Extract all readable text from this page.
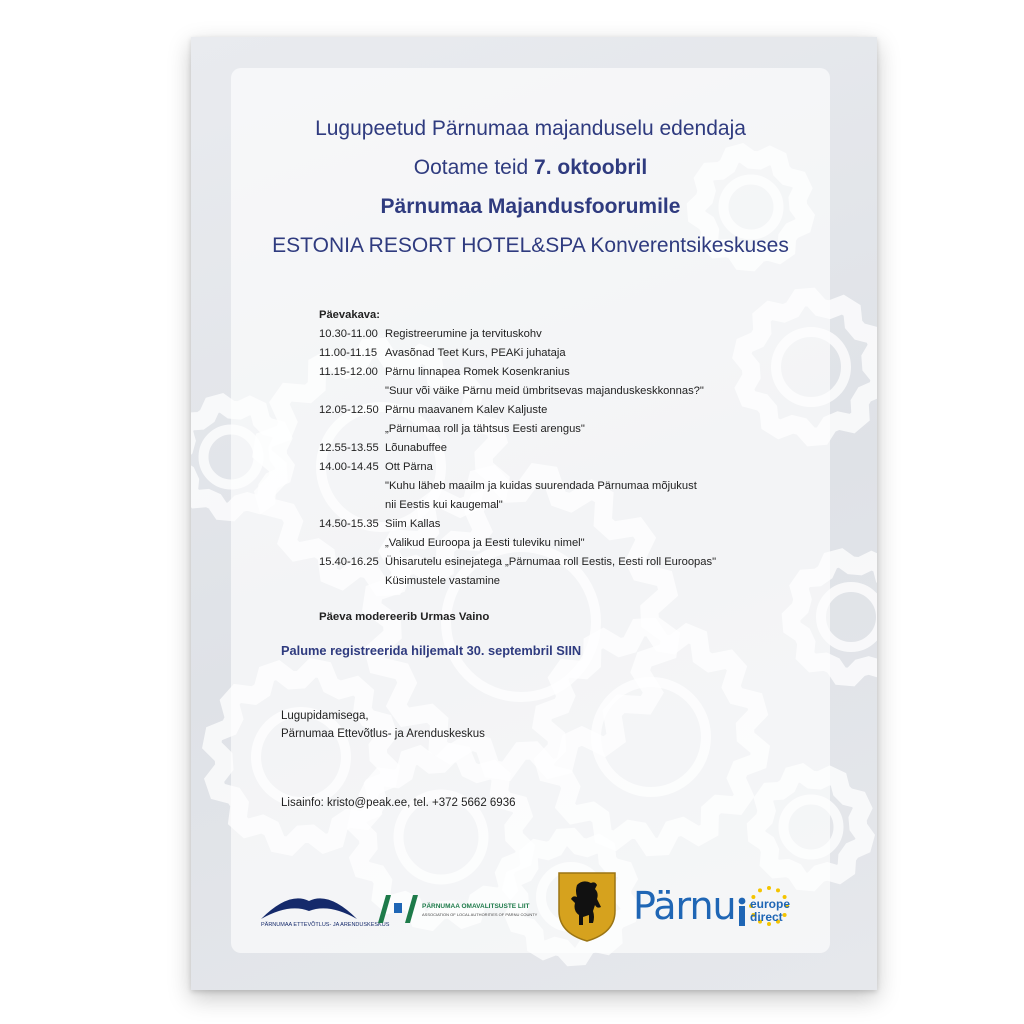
Lugupeetud Pärnumaa majanduselu edendaja
Ootame teid 7. oktoobril
Pärnumaa Majandusfoorumile
ESTONIA RESORT HOTEL&SPA Konverentsikeskuses
Päevakava:
10.30-11.00 Registreerumine ja tervituskohv
11.00-11.15 Avasõnad Teet Kurs, PEAKi juhataja
11.15-12.00 Pärnu linnapea Romek Kosenkranius
"Suur või väike Pärnu meid ümbritsevas majanduskeskkonnas?"
12.05-12.50 Pärnu maavanem Kalev Kaljuste
„Pärnumaa roll ja tähtsus Eesti arengus"
12.55-13.55 Lõunabuffee
14.00-14.45 Ott Pärna
"Kuhu läheb maailm ja kuidas suurendada Pärnumaa mõjukust
nii Eestis kui kaugemal"
14.50-15.35 Siim Kallas
„Valikud Euroopa ja Eesti tuleviku nimel"
15.40-16.25 Ühisarutelu esinejatega „Pärnumaa roll Eestis, Eesti roll Euroopas"
Küsimustele vastamine
Päeva modereerib Urmas Vaino
Palume registreerida hiljemalt 30. septembril SIIN
Lugupidamisega,
Pärnumaa Ettevõtlus- ja Arenduskeskus
Lisainfo: kristo@peak.ee, tel. +372 5662 6936
PÄRNUMAA ETTEVÕTLUS- JA ARENDUSKESKUS
PÄRNUMAA OMAVALITSUSTE LIIT
ASSOCIATION OF LOCAL AUTHORITIES OF PÄRNU COUNTY	Pärnu europe
direct
